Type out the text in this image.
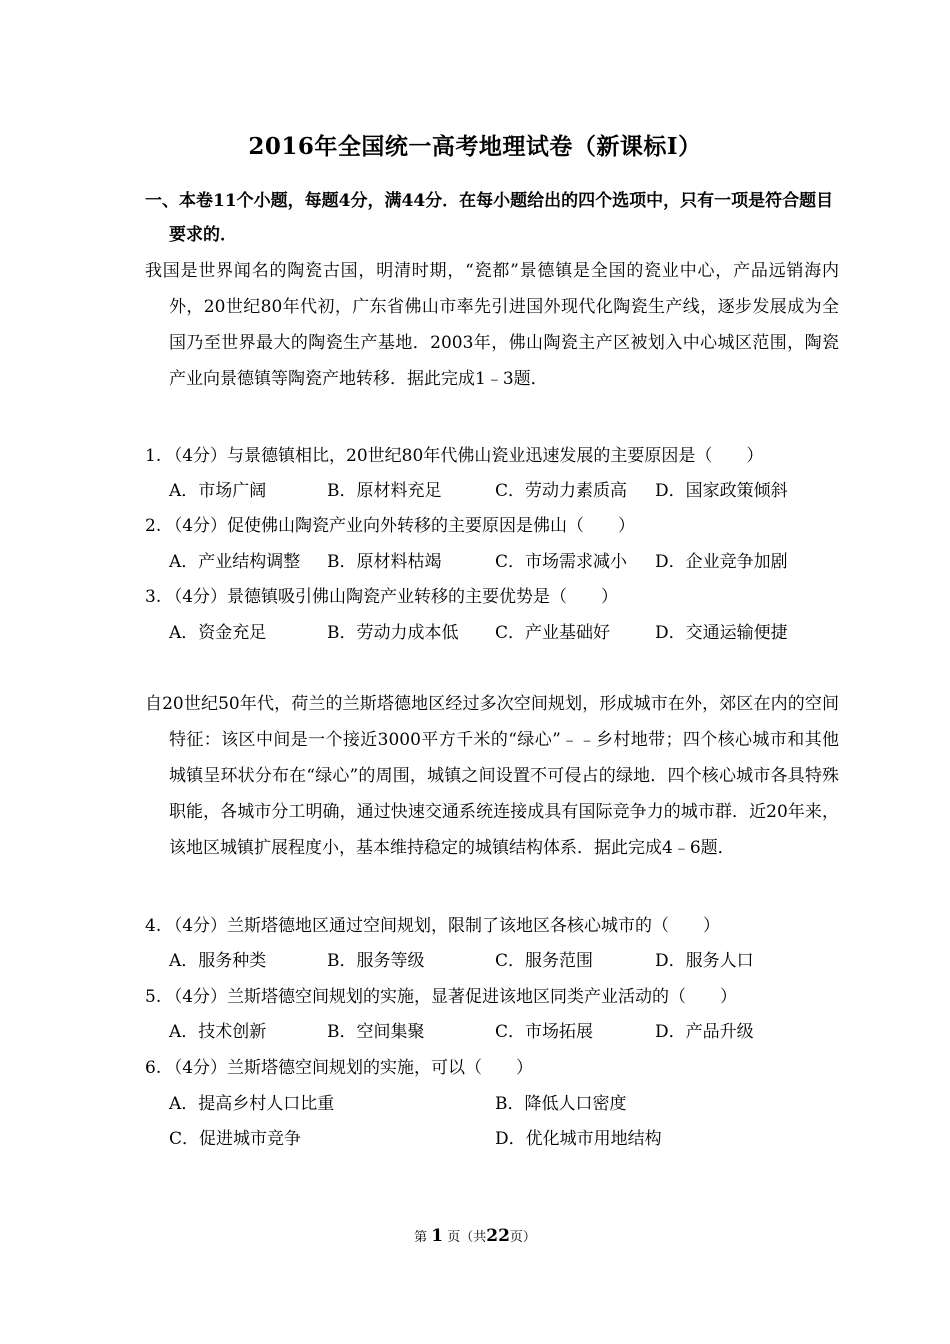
2016年全国统一高考地理试卷（新课标Ⅰ）
一、本卷11个小题，每题4分，满44分．在每小题给出的四个选项中，只有一项是符合题目要求的．
我国是世界闻名的陶瓷古国，明清时期，“瓷都”景德镇是全国的瓷业中心，产品远销海内外，20世纪80年代初，广东省佛山市率先引进国外现代化陶瓷生产线，逐步发展成为全国乃至世界最大的陶瓷生产基地．2003年，佛山陶瓷主产区被划入中心城区范围，陶瓷产业向景德镇等陶瓷产地转移．据此完成1﹣3题．
1. （4分）与景德镇相比，20世纪80年代佛山瓷业迅速发展的主要原因是（　　）
A．市场广阔	B．原材料充足	C．劳动力素质高 D．国家政策倾斜
2. （4分）促使佛山陶瓷产业向外转移的主要原因是佛山（　　）
A．产业结构调整 B．原材料枯竭	C．市场需求减小 D．企业竞争加剧
3. （4分）景德镇吸引佛山陶瓷产业转移的主要优势是（　　）
A．资金充足	B．劳动力成本低 C．产业基础好	D．交通运输便捷
自20世纪50年代，荷兰的兰斯塔德地区经过多次空间规划，形成城市在外，郊区在内的空间特征：该区中间是一个接近3000平方千米的“绿心”﹣﹣乡村地带；四个核心城市和其他城镇呈环状分布在“绿心”的周围，城镇之间设置不可侵占的绿地．四个核心城市各具特殊职能，各城市分工明确，通过快速交通系统连接成具有国际竞争力的城市群．近20年来，该地区城镇扩展程度小，基本维持稳定的城镇结构体系．据此完成4﹣6题．
4. （4分）兰斯塔德地区通过空间规划，限制了该地区各核心城市的（　　）
A．服务种类	B．服务等级	C．服务范围	D．服务人口
5. （4分）兰斯塔德空间规划的实施，显著促进该地区同类产业活动的（　　）
A．技术创新	B．空间集聚	C．市场拓展	D．产品升级
6. （4分）兰斯塔德空间规划的实施，可以（　　）
A．提高乡村人口比重	B．降低人口密度
C．促进城市竞争	D．优化城市用地结构
第 1 页（共22页）
